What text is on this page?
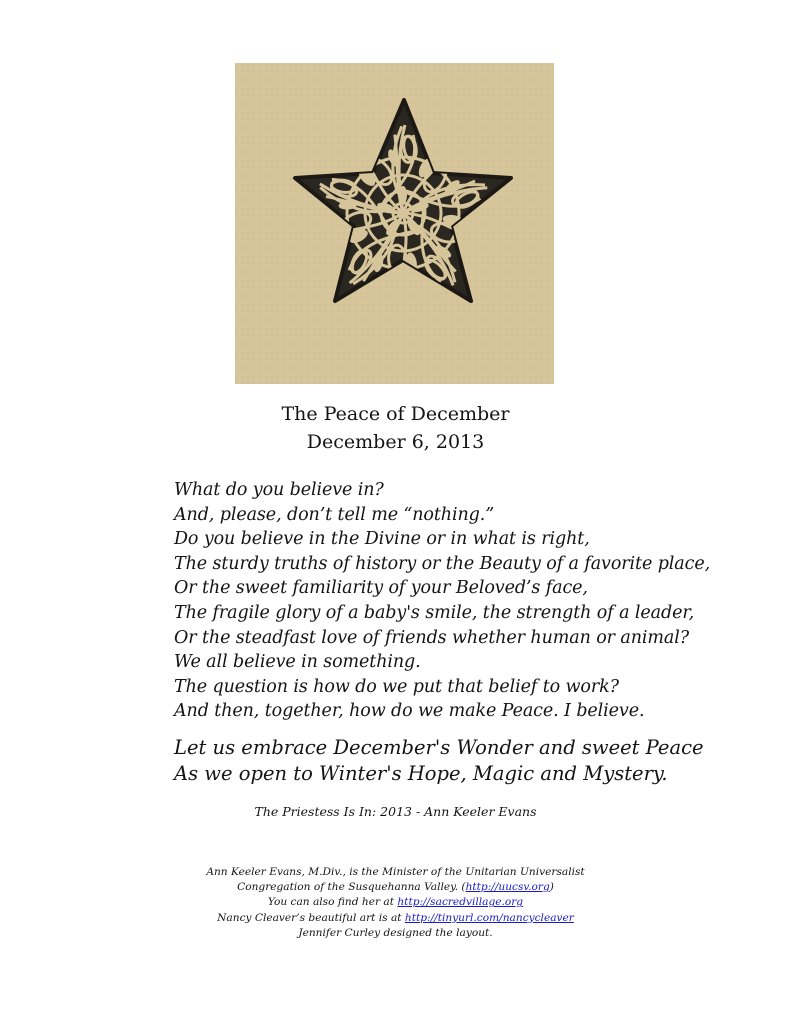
The Peace of December
December 6, 2013
What do you believe in?
And, please, don’t tell me “nothing.”
Do you believe in the Divine or in what is right,
The sturdy truths of history or the Beauty of a favorite place,
Or the sweet familiarity of your Beloved’s face,
The fragile glory of a baby's smile, the strength of a leader,
Or the steadfast love of friends whether human or animal?
We all believe in something.
The question is how do we put that belief to work?
And then, together, how do we make Peace. I believe.
Let us embrace December's Wonder and sweet Peace
As we open to Winter's Hope, Magic and Mystery.
The Priestess Is In: 2013 - Ann Keeler Evans
Ann Keeler Evans, M.Div., is the Minister of the Unitarian Universalist
Congregation of the Susquehanna Valley. (http://uucsv.org)
You can also find her at http://sacredvillage.org
Nancy Cleaver’s beautiful art is at http://tinyurl.com/nancycleaver
Jennifer Curley designed the layout.
